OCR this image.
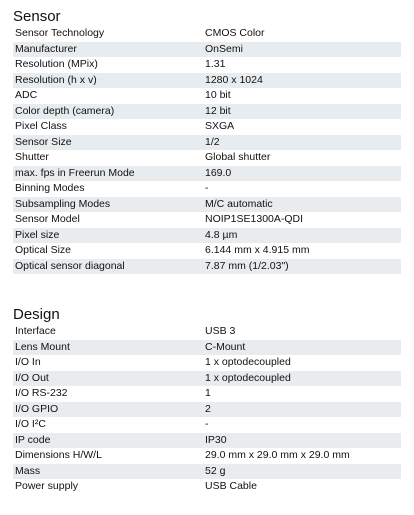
Sensor
Sensor Technology	CMOS Color
Manufacturer	OnSemi
Resolution (MPix)	1.31
Resolution (h x v)	1280 x 1024
ADC	10 bit
Color depth (camera)	12 bit
Pixel Class	SXGA
Sensor Size	1/2
Shutter	Global shutter
max. fps in Freerun Mode	169.0
Binning Modes	-
Subsampling Modes	M/C automatic
Sensor Model	NOIP1SE1300A-QDI
Pixel size	4.8 µm
Optical Size	6.144 mm x 4.915 mm
Optical sensor diagonal	7.87 mm (1/2.03")
Design
Interface	USB 3
Lens Mount	C-Mount
I/O In	1 x optodecoupled
I/O Out	1 x optodecoupled
I/O RS-232	1
I/O GPIO	2
I/O I²C	-
IP code	IP30
Dimensions H/W/L	29.0 mm x 29.0 mm x 29.0 mm
Mass	52 g
Power supply	USB Cable
